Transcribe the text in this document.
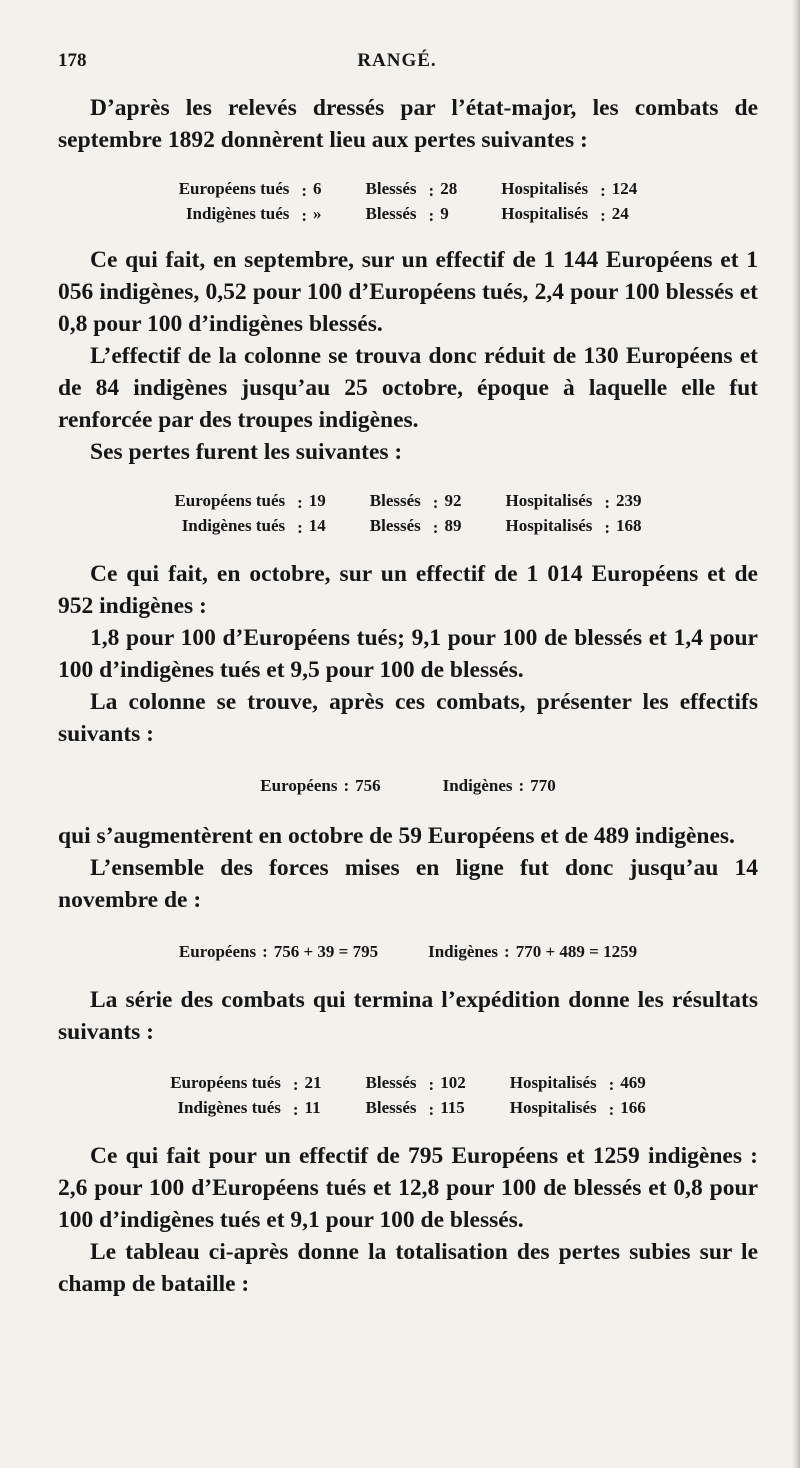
178	RANGÉ.

D’après les relevés dressés par l’état-major, les combats de septembre 1892 donnèrent lieu aux pertes suivantes :

Européens tués	:	6	Blessés	:	28	Hospitalisés	:	124
Indigènes tués	:	»	Blessés	:	9	Hospitalisés	:	24

Ce qui fait, en septembre, sur un effectif de 1 144 Européens et 1 056 indigènes, 0,52 pour 100 d’Européens tués, 2,4 pour 100 blessés et 0,8 pour 100 d’indigènes blessés.

L’effectif de la colonne se trouva donc réduit de 130 Européens et de 84 indigènes jusqu’au 25 octobre, époque à laquelle elle fut renforcée par des troupes indigènes.

Ses pertes furent les suivantes :

Européens tués	:	19	Blessés	:	92	Hospitalisés	:	239
Indigènes tués	:	14	Blessés	:	89	Hospitalisés	:	168

Ce qui fait, en octobre, sur un effectif de 1 014 Européens et de 952 indigènes :

1,8 pour 100 d’Européens tués; 9,1 pour 100 de blessés et 1,4 pour 100 d’indigènes tués et 9,5 pour 100 de blessés.

La colonne se trouve, après ces combats, présenter les effectifs suivants :

Européens : 756	Indigènes : 770

qui s’augmentèrent en octobre de 59 Européens et de 489 indigènes.

L’ensemble des forces mises en ligne fut donc jusqu’au 14 novembre de :

Européens : 756 + 39 = 795	Indigènes : 770 + 489 = 1259

La série des combats qui termina l’expédition donne les résultats suivants :

Européens tués	:	21	Blessés	:	102	Hospitalisés	:	469
Indigènes tués	:	11	Blessés	:	115	Hospitalisés	:	166

Ce qui fait pour un effectif de 795 Européens et 1259 indigènes : 2,6 pour 100 d’Européens tués et 12,8 pour 100 de blessés et 0,8 pour 100 d’indigènes tués et 9,1 pour 100 de blessés.

Le tableau ci-après donne la totalisation des pertes subies sur le champ de bataille :
